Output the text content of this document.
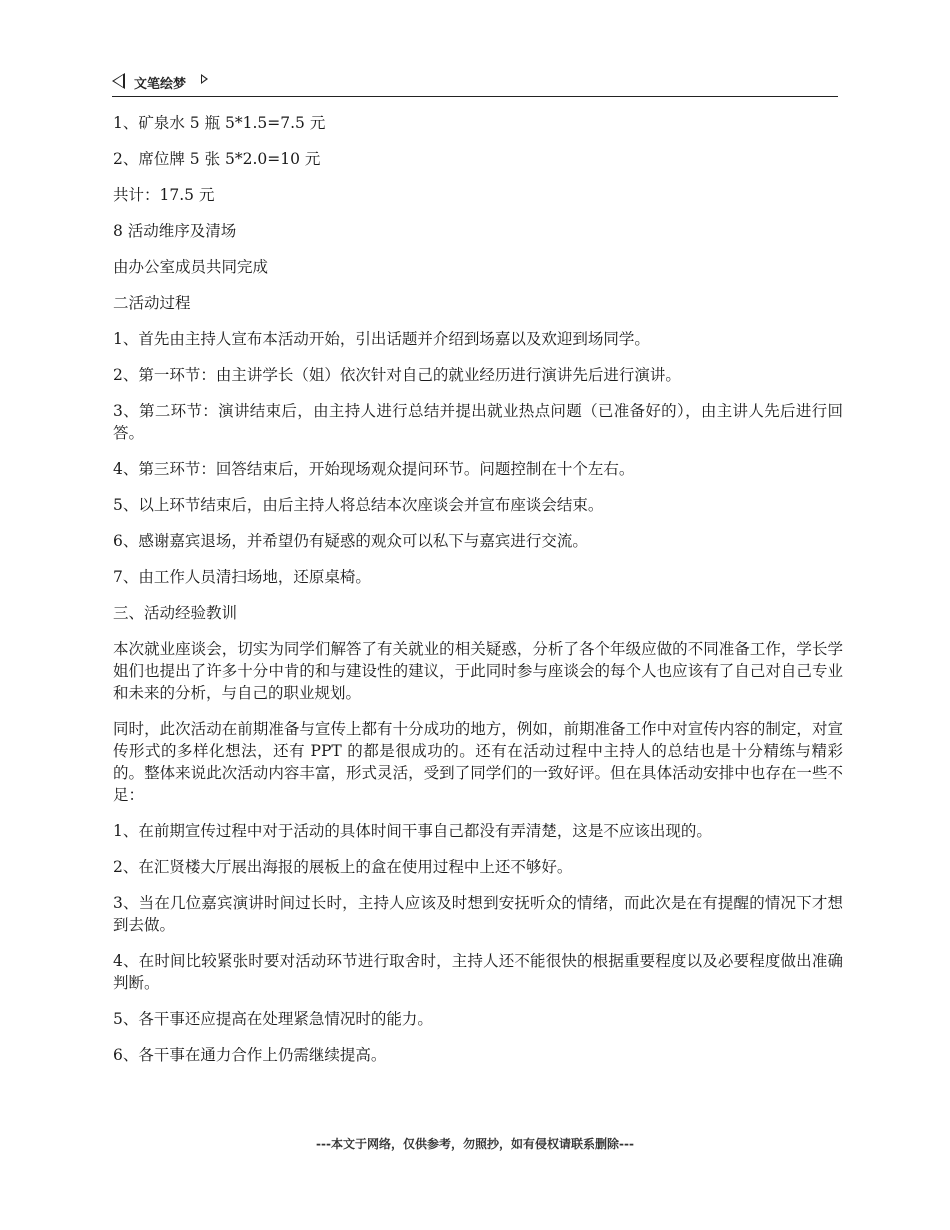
文笔绘梦

1、矿泉水 5 瓶 5*1.5=7.5 元

2、席位牌 5 张 5*2.0=10 元

共计：17.5 元

8 活动维序及清场

由办公室成员共同完成

二活动过程

1、首先由主持人宣布本活动开始，引出话题并介绍到场嘉以及欢迎到场同学。

2、第一环节：由主讲学长（姐）依次针对自己的就业经历进行演讲先后进行演讲。

3、第二环节：演讲结束后，由主持人进行总结并提出就业热点问题（已准备好的），由主讲人先后进行回答。

4、第三环节：回答结束后，开始现场观众提问环节。问题控制在十个左右。

5、以上环节结束后，由后主持人将总结本次座谈会并宣布座谈会结束。

6、感谢嘉宾退场，并希望仍有疑惑的观众可以私下与嘉宾进行交流。

7、由工作人员清扫场地，还原桌椅。

三、活动经验教训

本次就业座谈会，切实为同学们解答了有关就业的相关疑惑，分析了各个年级应做的不同准备工作，学长学姐们也提出了许多十分中肯的和与建设性的建议，于此同时参与座谈会的每个人也应该有了自己对自己专业和未来的分析，与自己的职业规划。

同时，此次活动在前期准备与宣传上都有十分成功的地方，例如，前期准备工作中对宣传内容的制定，对宣传形式的多样化想法，还有 PPT 的都是很成功的。还有在活动过程中主持人的总结也是十分精练与精彩的。整体来说此次活动内容丰富，形式灵活，受到了同学们的一致好评。但在具体活动安排中也存在一些不足：

1、在前期宣传过程中对于活动的具体时间干事自己都没有弄清楚，这是不应该出现的。

2、在汇贤楼大厅展出海报的展板上的盒在使用过程中上还不够好。

3、当在几位嘉宾演讲时间过长时，主持人应该及时想到安抚听众的情绪，而此次是在有提醒的情况下才想到去做。

4、在时间比较紧张时要对活动环节进行取舍时，主持人还不能很快的根据重要程度以及必要程度做出准确判断。

5、各干事还应提高在处理紧急情况时的能力。

6、各干事在通力合作上仍需继续提高。

---本文于网络，仅供参考，勿照抄，如有侵权请联系删除---
